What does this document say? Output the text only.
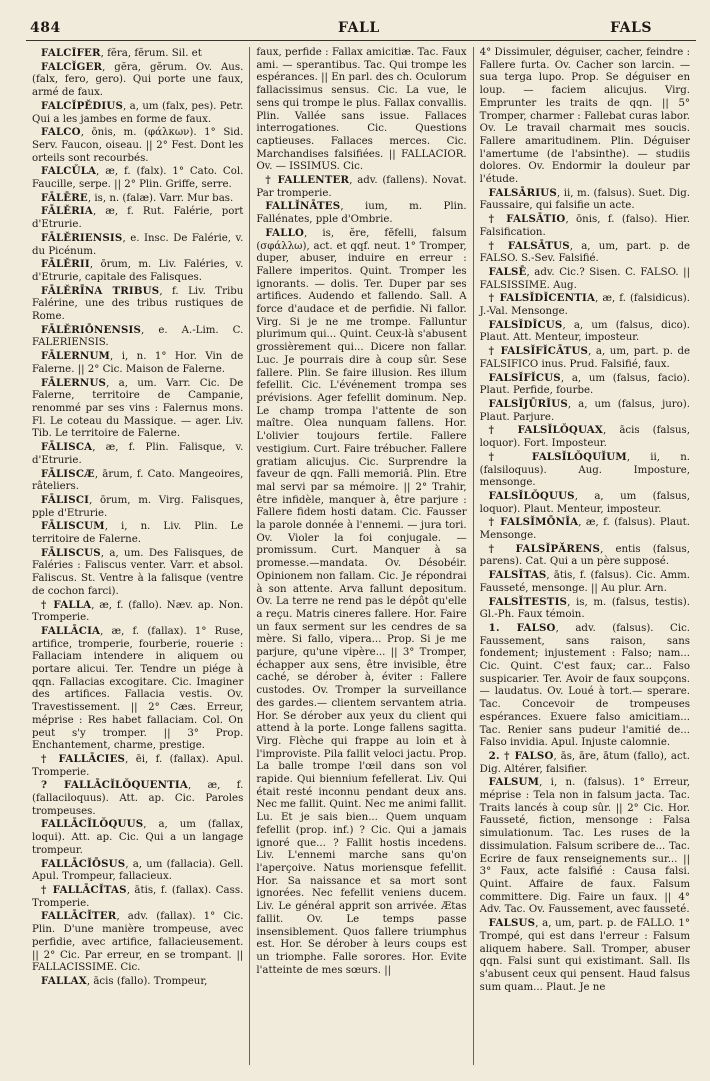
484	FALL	FALS

FALCĪFER, fĕra, fĕrum. Sil. et

FALCĬGER, gĕra, gĕrum. Ov. Aus. (falx, fero, gero). Qui porte une faux, armé de faux.

FALCĬPĔDIUS, a, um (falx, pes). Petr. Qui a les jambes en forme de faux.

FALCO, ōnis, m. (φάλκων). 1° Sid. Serv. Faucon, oiseau. || 2° Fest. Dont les orteils sont recourbés.

FALCŬLA, æ, f. (falx). 1° Cato. Col. Faucille, serpe. || 2° Plin. Griffe, serre.

FĀLĒRE, is, n. (falæ). Varr. Mur bas.

FĀLĔRIA, æ, f. Rut. Falérie, port d'Etrurie.

FĀLĔRIENSIS, e. Insc. De Falérie, v. du Picénum.

FĀLĔRII, ōrum, m. Liv. Faléries, v. d'Etrurie, capitale des Falisques.

FĀLĔRĪNA TRIBUS, f. Liv. Tribu Falérine, une des tribus rustiques de Rome.

FĀLĔRIŌNENSIS, e. A.-Lim. C. FALERIENSIS.

FĀLERNUM, i, n. 1° Hor. Vin de Falerne. || 2° Cic. Maison de Falerne.

FĀLERNUS, a, um. Varr. Cic. De Falerne, territoire de Campanie, renommé par ses vins : Falernus mons. Fl. Le coteau du Massique. — ager. Liv. Tib. Le territoire de Falerne.

FĀLISCA, æ, f. Plin. Falisque, v. d'Etrurie.

FĀLISCÆ, ārum, f. Cato. Mangeoires, râteliers.

FĀLISCI, ōrum, m. Virg. Falisques, pple d'Etrurie.

FĀLISCUM, i, n. Liv. Plin. Le territoire de Falerne.

FĀLISCUS, a, um. Des Falisques, de Faléries : Faliscus venter. Varr. et absol. Faliscus. St. Ventre à la falisque (ventre de cochon farci).

† FALLA, æ, f. (fallo). Næv. ap. Non. Tromperie.

FALLĀCIA, æ, f. (fallax). 1° Ruse, artifice, tromperie, fourberie, rouerie : Fallaciam intendere in aliquem ou portare alicui. Ter. Tendre un piége à qqn. Fallacias excogitare. Cic. Imaginer des artifices. Fallacia vestis. Ov. Travestissement. || 2° Cæs. Erreur, méprise : Res habet fallaciam. Col. On peut s'y tromper. || 3° Prop. Enchantement, charme, prestige.

† FALLĀCIES, ēi, f. (fallax). Apul. Tromperie.

? FALLĀCĬLŎQUENTIA, æ, f. (fallaciloquus). Att. ap. Cic. Paroles trompeuses.

FALLĀCĬLŎQUUS, a, um (fallax, loqui). Att. ap. Cic. Qui a un langage trompeur.

FALLĀCĬŌSUS, a, um (fallacia). Gell. Apul. Trompeur, fallacieux.

† FALLĀCĬTAS, ātis, f. (fallax). Cass. Tromperie.

FALLĀCĬTER, adv. (fallax). 1° Cic. Plin. D'une manière trompeuse, avec perfidie, avec artifice, fallacieusement. || 2° Cic. Par erreur, en se trompant. || FALLACISSIME. Cic.

FALLAX, ācis (fallo). Trompeur,

faux, perfide : Fallax amicitiæ. Tac. Faux ami. — sperantibus. Tac. Qui trompe les espérances. || En parl. des ch. Oculorum fallacissimus sensus. Cic. La vue, le sens qui trompe le plus. Fallax convallis. Plin. Vallée sans issue. Fallaces interrogationes. Cic. Questions captieuses. Fallaces merces. Cic. Marchandises falsifiées. || FALLACIOR. Ov. — ISSIMUS. Cic.

† FALLENTER, adv. (fallens). Novat. Par tromperie.

FALLĬNĀTES, ium, m. Plin. Fallénates, pple d'Ombrie.

FALLO, is, ĕre, fĕfelli, falsum (σφάλλω), act. et qqf. neut. 1° Tromper, duper, abuser, induire en erreur : Fallere imperitos. Quint. Tromper les ignorants. — dolis. Ter. Duper par ses artifices. Audendo et fallendo. Sall. A force d'audace et de perfidie. Ni fallor. Virg. Si je ne me trompe. Falluntur plurimum qui... Quint. Ceux-là s'abusent grossièrement qui... Dicere non fallar. Luc. Je pourrais dire à coup sûr. Sese fallere. Plin. Se faire illusion. Res illum fefellit. Cic. L'événement trompa ses prévisions. Ager fefellit dominum. Nep. Le champ trompa l'attente de son maître. Olea nunquam fallens. Hor. L'olivier toujours fertile. Fallere vestigium. Curt. Faire trébucher. Fallere gratiam alicujus. Cic. Surprendre la faveur de qqn. Falli memoriâ. Plin. Etre mal servi par sa mémoire. || 2° Trahir, être infidèle, manquer à, être parjure : Fallere fidem hosti datam. Cic. Fausser la parole donnée à l'ennemi. — jura tori. Ov. Violer la foi conjugale. — promissum. Curt. Manquer à sa promesse.—mandata. Ov. Désobéir. Opinionem non fallam. Cic. Je répondrai à son attente. Arva fallunt depositum. Ov. La terre ne rend pas le dépôt qu'elle a reçu. Matris cineres fallere. Hor. Faire un faux serment sur les cendres de sa mère. Si fallo, vipera... Prop. Si je me parjure, qu'une vipère... || 3° Tromper, échapper aux sens, être invisible, être caché, se dérober à, éviter : Fallere custodes. Ov. Tromper la surveillance des gardes.— clientem servantem atria. Hor. Se dérober aux yeux du client qui attend à la porte. Longe fallens sagitta. Virg. Flèche qui frappe au loin et à l'improviste. Pila fallit veloci jactu. Prop. La balle trompe l'œil dans son vol rapide. Qui biennium fefellerat. Liv. Qui était resté inconnu pendant deux ans. Nec me fallit. Quint. Nec me animi fallit. Lu. Et je sais bien... Quem unquam fefellit (prop. inf.) ? Cic. Qui a jamais ignoré que... ? Fallit hostis incedens. Liv. L'ennemi marche sans qu'on l'aperçoive. Natus moriensque fefellit. Hor. Sa naissance et sa mort sont ignorées. Nec fefellit veniens ducem. Liv. Le général apprit son arrivée. Ætas fallit. Ov. Le temps passe insensiblement. Quos fallere triumphus est. Hor. Se dérober à leurs coups est un triomphe. Falle sorores. Hor. Evite l'atteinte de mes sœurs. ||

4° Dissimuler, déguiser, cacher, feindre : Fallere furta. Ov. Cacher son larcin. — sua terga lupo. Prop. Se déguiser en loup. — faciem alicujus. Virg. Emprunter les traits de qqn. || 5° Tromper, charmer : Fallebat curas labor. Ov. Le travail charmait mes soucis. Fallere amaritudinem. Plin. Déguiser l'amertume (de l'absinthe). — studiis dolores. Ov. Endormir la douleur par l'étude.

FALSĀRIUS, ii, m. (falsus). Suet. Dig. Faussaire, qui falsifie un acte.

† FALSĀTIO, ōnis, f. (falso). Hier. Falsification.

† FALSĀTUS, a, um, part. p. de FALSO. S.-Sev. Falsifié.

FALSĒ, adv. Cic.? Sisen. C. FALSO. || FALSISSIME. Aug.

† FALSĬDĬCENTIA, æ, f. (falsidicus). J.-Val. Mensonge.

FALSĬDĬCUS, a, um (falsus, dico). Plaut. Att. Menteur, imposteur.

† FALSĬFĬCĀTUS, a, um, part. p. de FALSIFICO inus. Prud. Falsifié, faux.

FALSĬFĬCUS, a, um (falsus, facio). Plaut. Perfide, fourbe.

FALSĬJŪRĬUS, a, um (falsus, juro). Plaut. Parjure.

† FALSĬLŎQUAX, ācis (falsus, loquor). Fort. Imposteur.

† FALSĬLŎQUĬUM, ii, n. (falsiloquus). Aug. Imposture, mensonge.

FALSĬLŎQUUS, a, um (falsus, loquor). Plaut. Menteur, imposteur.

† FALSĬMŌNĬA, æ, f. (falsus). Plaut. Mensonge.

† FALSĬPĂRENS, entis (falsus, parens). Cat. Qui a un père supposé.

FALSĬTAS, ātis, f. (falsus). Cic. Amm. Fausseté, mensonge. || Au plur. Arn.

FALSĬTESTIS, is, m. (falsus, testis). Gl.-Ph. Faux témoin.

1. FALSO, adv. (falsus). Cic. Faussement, sans raison, sans fondement; injustement : Falso; nam... Cic. Quint. C'est faux; car... Falso suspicarier. Ter. Avoir de faux soupçons. — laudatus. Ov. Loué à tort.— sperare. Tac. Concevoir de trompeuses espérances. Exuere falso amicitiam... Tac. Renier sans pudeur l'amitié de... Falso invidia. Apul. Injuste calomnie.

2. † FALSO, ās, āre, ātum (fallo), act. Dig. Altérer, falsifier.

FALSUM, i, n. (falsus). 1° Erreur, méprise : Tela non in falsum jacta. Tac. Traits lancés à coup sûr. || 2° Cic. Hor. Fausseté, fiction, mensonge : Falsa simulationum. Tac. Les ruses de la dissimulation. Falsum scribere de... Tac. Ecrire de faux renseignements sur... || 3° Faux, acte falsifié : Causa falsi. Quint. Affaire de faux. Falsum committere. Dig. Faire un faux. || 4° Adv. Tac. Ov. Faussement, avec fausseté.

FALSUS, a, um, part. p. de FALLO. 1° Trompé, qui est dans l'erreur : Falsum aliquem habere. Sall. Tromper, abuser qqn. Falsi sunt qui existimant. Sall. Ils s'abusent ceux qui pensent. Haud falsus sum quam... Plaut. Je ne
